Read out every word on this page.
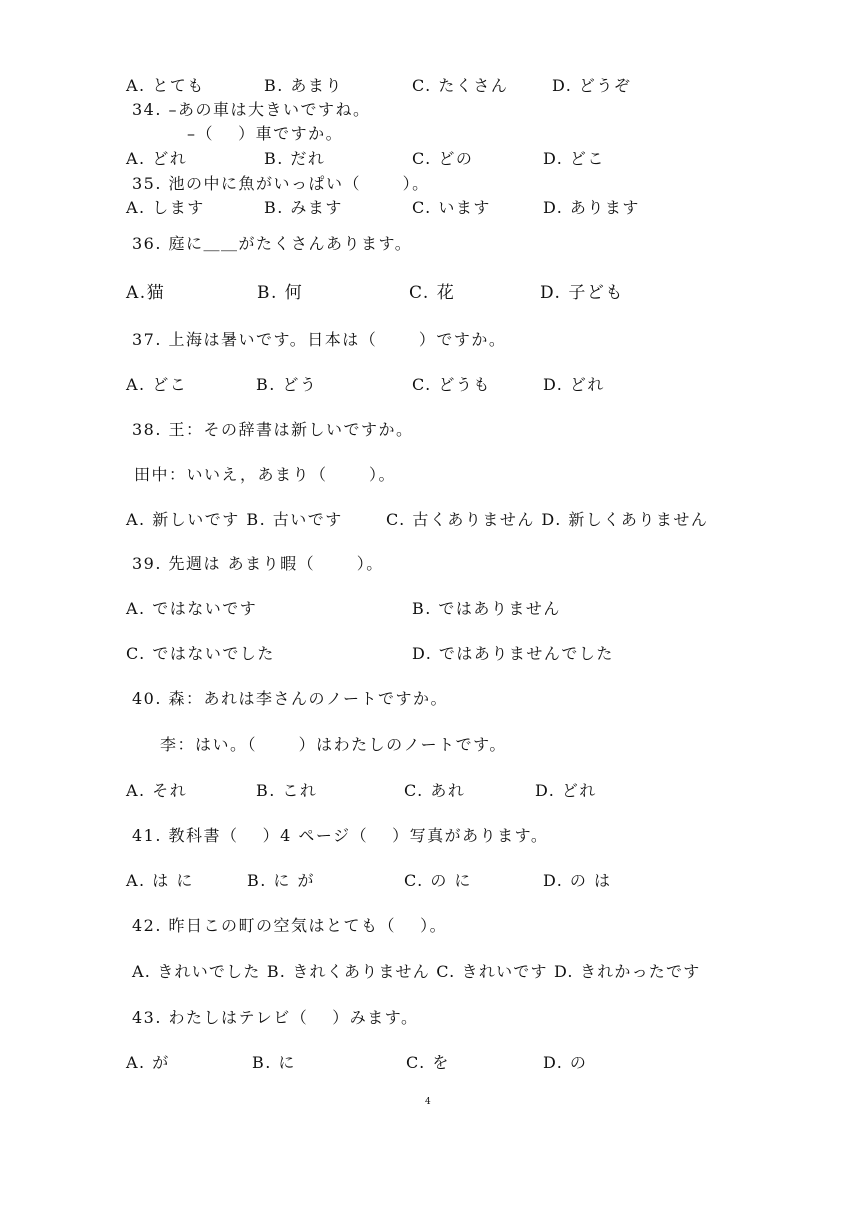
A. とても	B. あまり	C. たくさん	D. どうぞ
34. –あの車は大きいですね。
–（　 ）車ですか。
A. どれ	B. だれ	C. どの	D. どこ
35. 池の中に魚がいっぱい（　　 ）。
A. します	B. みます	C. います	D. あります
36. 庭に＿＿がたくさんあります。
A.猫	B. 何	C. 花	D. 子ども
37. 上海は暑いです。日本は（　　 ）ですか。
A. どこ	B. どう	C. どうも	D. どれ
38. 王：その辞書は新しいですか。
田中：いいえ，あまり（　　 ）。
A. 新しいです B. 古いです	C. 古くありません D. 新しくありません
39. 先週は あまり暇（　　 ）。
A. ではないです	B. ではありません
C. ではないでした	D. ではありませんでした
40. 森：あれは李さんのノートですか。
李：はい。（　　 ）はわたしのノートです。
A. それ	B. これ	C. あれ	D. どれ
41. 教科書（　 ）4 ページ（　 ）写真があります。
A. は に	B. に が	C. の に	D. の は
42. 昨日この町の空気はとても（　 ）。
A. きれいでした B. きれくありません C. きれいです D. きれかったです
43. わたしはテレビ（　 ）みます。
A. が	B. に	C. を	D. の
4
